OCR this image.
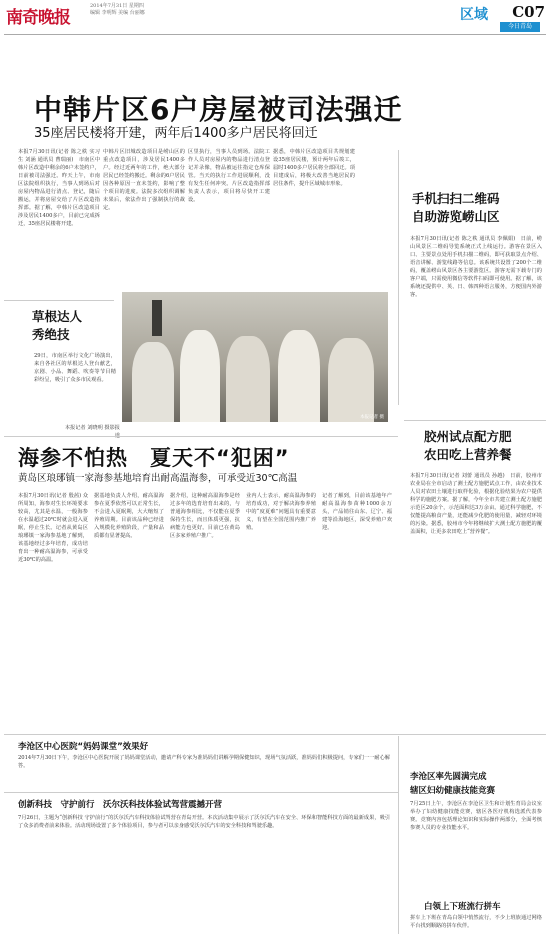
南奇晚报
2014年7月31日 星期四
编辑 李明辉 美编 台丽娜	区域 C07
今日青岛
中韩片区6户房屋被司法强迁
35座居民楼将开建，两年后1400多户居民将回迁
本报7月30日讯(记者 陈之秩 实习生 刘涵 通讯员 曹瑞丽)　市南区中韩片区改造中剩余的6户未签约户，日前被司法强迁。昨天上午，市南区法院组织执行，当事人到场后对房屋内物品进行清点、登记，随后搬运，并将房屋交给了片区改造指挥部。据了解，中韩片区改造项目涉及居民1400多户，目前已完成拆迁，35座居民楼将开建。
中韩片区旧城改造项目是崂山区的重点改造项目，涉及居民1400多户。经过近两年的工作，绝大部分居民已经签约搬迁。剩余的6户居民因各种原因一直未签约，影响了整个项目的进度。法院多次组织调解未果后，依法作出了强制执行的裁定。
区里执行，当事人员到场。法院工作人员对房屋内的物品进行清点登记并录像，物品被运往指定仓库保管。当天的执行工作进展顺利，没有发生任何冲突。片区改造指挥部负责人表示，项目将尽快开工建设。
据悉，中韩片区改造项目共规划建设35座居民楼，预计两年后竣工，届时1400多户居民将全部回迁。项目建成后，将极大改善当地居民的居住条件，提升区域城市形象。
手机扫扫二维码
自助游览崂山区
本报7月30日讯(记者 陈之秩 通讯员 李佩娟)　日前，崂山风景区二维码导览系统正式上线运行。游客在景区入口、主要景点处用手机扫描二维码，即可获取景点介绍、语音讲解、游览线路等信息。该系统共设置了200个二维码，覆盖崂山风景区各主要游览区。游客无需下载专门的客户端，只需使用微信等软件扫码即可使用。据了解，该系统还提供中、英、日、韩四种语言服务，方便国内外游客。
草根达人
秀绝技
29日，市南区举行文化广场演出，来自各社区的草根达人登台献艺，京剧、小品、舞蹈、吹奏等节目精彩纷呈，吸引了众多市民观看。
本报记者 刘晓明 摄影报
本报记者 摄
胶州试点配方肥
农田吃上营养餐
本报7月30日讯(记者 刘蕾 通讯员 孙越)　日前，胶州市农业局在全市启动了测土配方施肥试点工作，由农业技术人员对农田土壤进行取样化验，根据化验结果为农户提供科学的施肥方案。据了解，今年全市共建立测土配方施肥示范区20余个，示范面积达3万余亩。通过科学施肥，不仅能提高粮食产量，还能减少化肥的使用量，减轻对环境的污染。据悉，胶州市今年将继续扩大测土配方施肥的覆盖面积，让更多农田吃上“营养餐”。
海参不怕热　夏天不“犯困”
黄岛区琅琊镇一家海参基地培育出耐高温海参，可承受近30℃高温
本报7月30日讯(记者 殷茜) 众所周知，海参对生长环境要求较高，尤其是水温，一般海参在水温超过20℃时就会进入夏眠，停止生长。记者从黄岛区琅琊镇一家海参基地了解到，该基地经过多年培育，成功培育出一种耐高温海参，可承受近30℃的高温。
据基地负责人介绍，耐高温海参在夏季依然可以正常生长，不会进入夏眠期，大大缩短了养殖周期。目前该品种已经进入规模化养殖阶段，产量和品质都有显著提高。
据介绍，这种耐高温海参是经过多年的选育培育出来的，与普通海参相比，不仅能在夏季保持生长，而且体质更强，抗病能力也更好。目前已在黄岛区多家养殖户推广。
业内人士表示，耐高温海参的培育成功，对于解决海参养殖中的“度夏难”问题具有重要意义，有望在全国范围内推广养殖。
记者了解到，目前该基地年产耐高温海参苗种1000余万头，产品销往山东、辽宁、福建等沿海地区，深受养殖户欢迎。
李沧区中心医院“妈妈课堂”效果好
2014年7月30日下午，李沧区中心医院开展了妈妈课堂活动，邀请产科专家为准妈妈们讲解孕期保健知识，现场气氛活跃，准妈妈们积极提问，专家们一一耐心解答。
创新科技　守护前行　沃尔沃科技体验试驾营震撼开营
7月26日，主题为“创新科技 守护前行”的沃尔沃汽车科技体验试驾营在青岛开营。本次活动集中展示了沃尔沃汽车在安全、环保和智能科技方面的最新成果，吸引了众多消费者前来体验。活动现场设置了多个体验项目，参与者可以亲身感受沃尔沃汽车的安全科技和驾驶乐趣。
李沧区率先圆满完成
辖区妇幼健康技能竞赛
7月25日上午，李沧区在李沧区卫生和计划生育局会议室举办了妇幼健康技能竞赛，辖区各医疗机构选派代表参赛。竞赛内容包括理论知识和实际操作两部分，全面考核参赛人员的专业技能水平。
白领上下班流行拼车
拼车上下班在青岛白领中悄然流行，不少上班族通过网络平台找到顺路的拼车伙伴。
